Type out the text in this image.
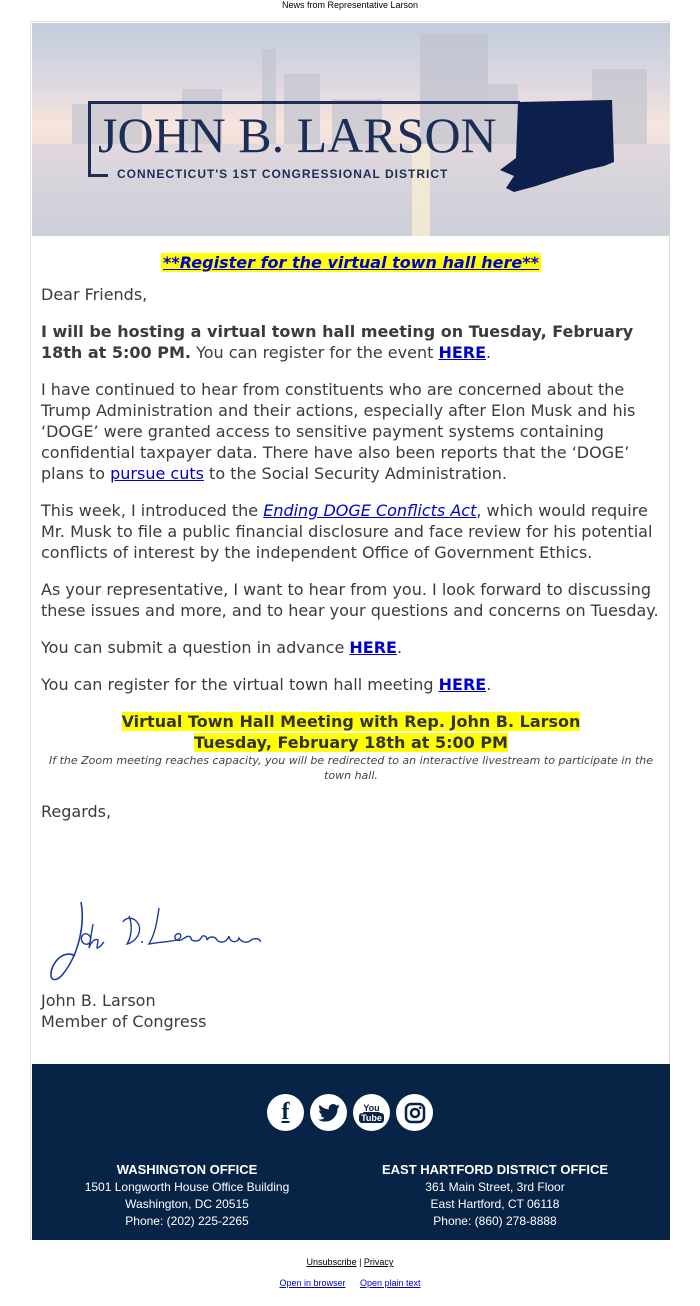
News from Representative Larson
JOHN B. LARSON
CONNECTICUT'S 1ST CONGRESSIONAL DISTRICT
**Register for the virtual town hall here**

Dear Friends,

I will be hosting a virtual town hall meeting on Tuesday, February 18th at 5:00 PM. You can register for the event HERE.

I have continued to hear from constituents who are concerned about the Trump Administration and their actions, especially after Elon Musk and his ‘DOGE’ were granted access to sensitive payment systems containing confidential taxpayer data. There have also been reports that the ‘DOGE’ plans to pursue cuts to the Social Security Administration.

This week, I introduced the Ending DOGE Conflicts Act, which would require Mr. Musk to file a public financial disclosure and face review for his potential conflicts of interest by the independent Office of Government Ethics.

As your representative, I want to hear from you. I look forward to discussing these issues and more, and to hear your questions and concerns on Tuesday.

You can submit a question in advance HERE.

You can register for the virtual town hall meeting HERE.

Virtual Town Hall Meeting with Rep. John B. Larson
Tuesday, February 18th at 5:00 PM
If the Zoom meeting reaches capacity, you will be redirected to an interactive livestream to participate in the town hall.

Regards,

John B. Larson
Member of Congress
f	You
Tube
WASHINGTON OFFICE
1501 Longworth House Office Building
Washington, DC 20515
Phone: (202) 225-2265
EAST HARTFORD DISTRICT OFFICE
361 Main Street, 3rd Floor
East Hartford, CT 06118
Phone: (860) 278-8888
Unsubscribe | Privacy
Open in browser Open plain text
